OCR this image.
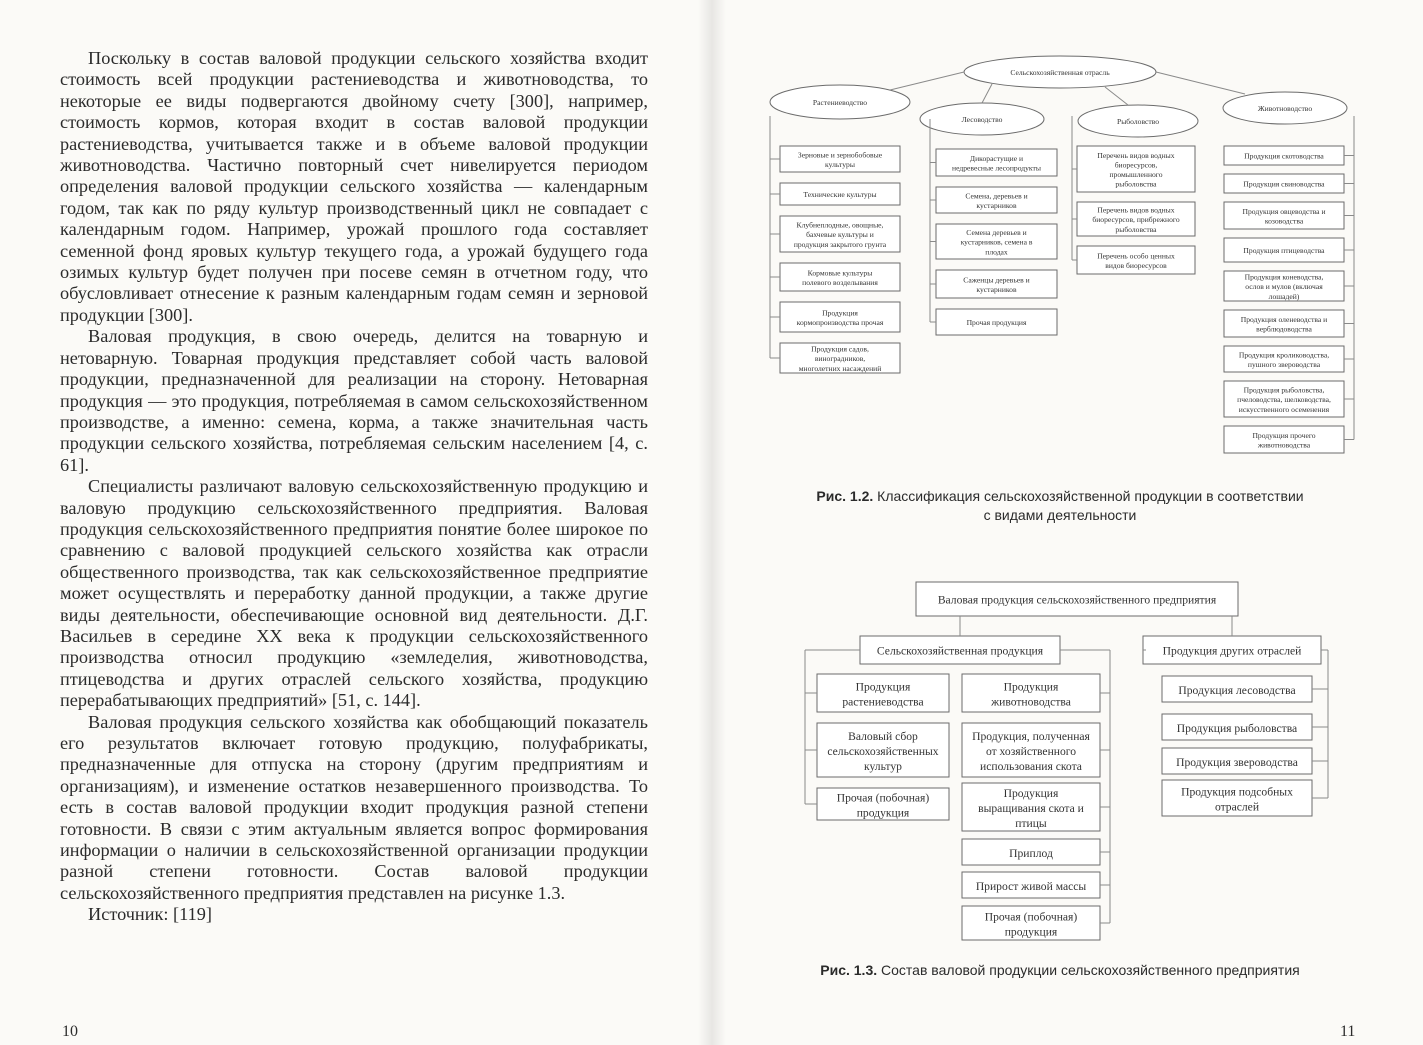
Поскольку в состав валовой продукции сельского хозяйства входит стоимость всей продукции растениеводства и животноводства, то некоторые ее виды подвергаются двойному счету [300], например, стоимость кормов, которая входит в состав валовой продукции растениеводства, учитывается также и в объеме валовой продукции животноводства. Частично повторный счет нивелируется периодом определения валовой продукции сельского хозяйства — календарным годом, так как по ряду культур производственный цикл не совпадает с календарным годом. Например, урожай прошлого года составляет семенной фонд яровых культур текущего года, а урожай будущего года озимых культур будет получен при посеве семян в отчетном году, что обусловливает отнесение к разным календарным годам семян и зерновой продукции [300].

Валовая продукция, в свою очередь, делится на товарную и нетоварную. Товарная продукция представляет собой часть валовой продукции, предназначенной для реализации на сторону. Нетоварная продукция — это продукция, потребляемая в самом сельскохозяйственном производстве, а именно: семена, корма, а также значительная часть продукции сельского хозяйства, потребляемая сельским населением [4, с. 61].

Специалисты различают валовую сельскохозяйственную продукцию и валовую продукцию сельскохозяйственного предприятия. Валовая продукция сельскохозяйственного предприятия понятие более широкое по сравнению с валовой продукцией сельского хозяйства как отрасли общественного производства, так как сельскохозяйственное предприятие может осуществлять и переработку данной продукции, а также другие виды деятельности, обеспечивающие основной вид деятельности. Д.Г. Васильев в середине XX века к продукции сельскохозяйственного производства относил продукцию «земледелия, животноводства, птицеводства и других отраслей сельского хозяйства, продукцию перерабатывающих предприятий» [51, с. 144].

Валовая продукция сельского хозяйства как обобщающий показатель его результатов включает готовую продукцию, полуфабрикаты, предназначенные для отпуска на сторону (другим предприятиям и организациям), и изменение остатков незавершенного производства. То есть в состав валовой продукции входит продукция разной степени готовности. В связи с этим актуальным является вопрос формирования информации о наличии в сельскохозяйственной организации продукции разной степени готовности. Состав валовой продукции сельскохозяйственного предприятия представлен на рисунке 1.3.

Источник: [119]

10
Сельскохозяйственная отрасль
Растениеводство
Лесоводство	Рыболовство
Животноводство
Зерновые и зернобобовые культуры
Технические культуры
Клубнеплодные, овощные, бахчевые культуры и продукция закрытого грунта
Кормовые культуры полевого возделывания
Продукция кормопроизводства прочая
Продукция садов, виноградников, многолетних насаждений
Дикорастущие и недревесные лесопродукты
Семена, деревьев и кустарников
Семена деревьев и кустарников, семена в плодах
Саженцы деревьев и кустарников
Прочая продукция
Перечень видов водных биоресурсов, промышленного рыболовства
Перечень видов водных биоресурсов, прибрежного рыболовства
Перечень особо ценных видов биоресурсов
Продукция скотоводства
Продукция свиноводства
Продукция овцеводства и козоводства
Продукция птицеводства
Продукция коневодства, ослов и мулов (включая лошадей)
Продукция оленеводства и верблюдоводства
Продукция кролиководства, пушного звероводства
Продукция рыболовства, пчеловодства, шелководства, искусственного осеменения
Продукция прочего животноводства
Рис. 1.2. Классификация сельскохозяйственной продукции в соответствии
с видами деятельности
Валовая продукция сельскохозяйственного предприятия
Сельскохозяйственная продукция	Продукция других отраслей
Продукция растениеводства
Валовый сбор сельскохозяйственных культур
Прочая (побочная) продукция
Продукция животноводства
Продукция, полученная от хозяйственного использования скота
Продукция выращивания скота и птицы
Приплод
Прирост живой массы
Прочая (побочная) продукция
Продукция лесоводства
Продукция рыболовства
Продукция звероводства
Продукция подсобных отраслей
Рис. 1.3. Состав валовой продукции сельскохозяйственного предприятия
11
